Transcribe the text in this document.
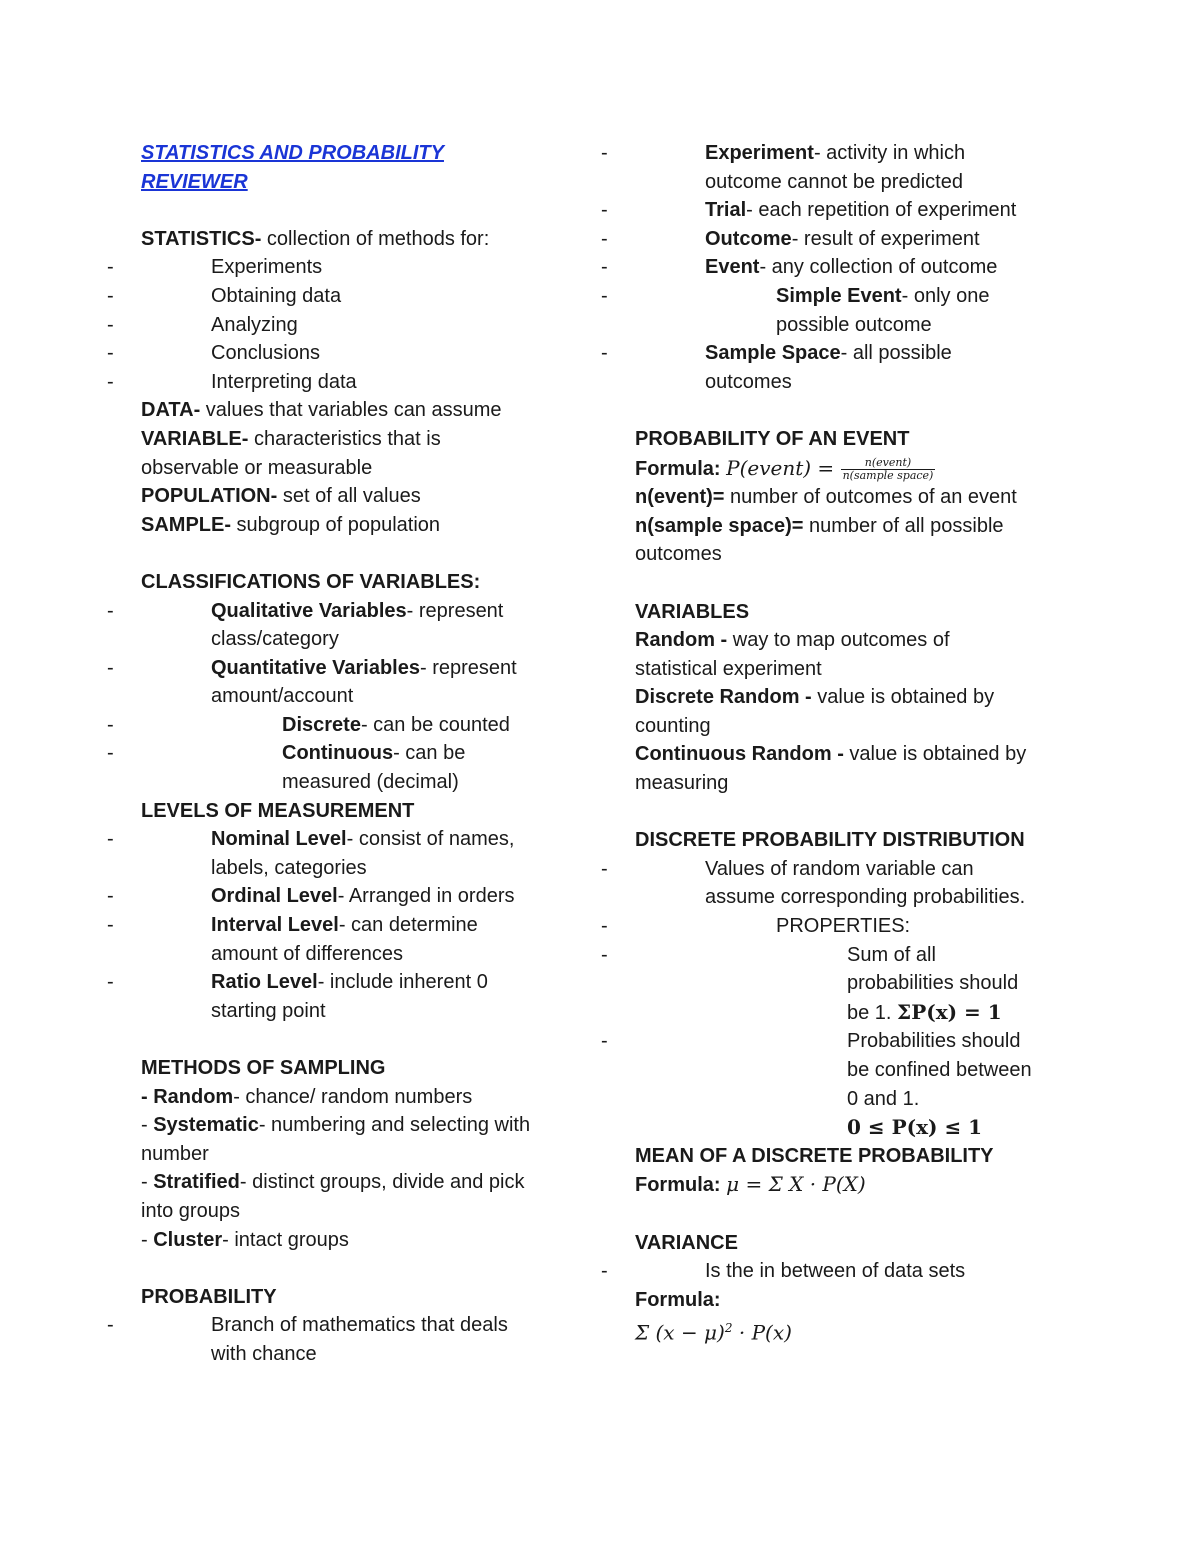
STATISTICS AND PROBABILITY
REVIEWER
STATISTICS- collection of methods for:
-	Experiments
-	Obtaining data
-	Analyzing
-	Conclusions
-	Interpreting data
DATA- values that variables can assume
VARIABLE- characteristics that is
observable or measurable
POPULATION- set of all values
SAMPLE- subgroup of population
CLASSIFICATIONS OF VARIABLES:
-	Qualitative Variables- represent
class/category
-	Quantitative Variables- represent
amount/account
-	Discrete- can be counted
-	Continuous- can be
measured (decimal)
LEVELS OF MEASUREMENT
-	Nominal Level- consist of names,
labels, categories
-	Ordinal Level- Arranged in orders
-	Interval Level- can determine
amount of differences
-	Ratio Level- include inherent 0
starting point
METHODS OF SAMPLING
- Random- chance/ random numbers
- Systematic- numbering and selecting with
number
- Stratified- distinct groups, divide and pick
into groups
- Cluster- intact groups
PROBABILITY
-	Branch of mathematics that deals
with chance
-	Experiment- activity in which
outcome cannot be predicted
-	Trial- each repetition of experiment
-	Outcome- result of experiment
-	Event- any collection of outcome
-	Simple Event- only one
possible outcome
-	Sample Space- all possible
outcomes
PROBABILITY OF AN EVENT
Formula: P(event) = $\frac{\text{n(event)}}{\text{n(sample space)}}$
n(event)= number of outcomes of an event
n(sample space)= number of all possible
outcomes
VARIABLES
Random - way to map outcomes of
statistical experiment
Discrete Random - value is obtained by
counting
Continuous Random - value is obtained by
measuring
DISCRETE PROBABILITY DISTRIBUTION
-	Values of random variable can
assume corresponding probabilities.
-	PROPERTIES:
-	Sum of all
probabilities should
be 1. ΣP(x) = 1
-	Probabilities should
be confined between
0 and 1.
0 ≤ P(x) ≤ 1
MEAN OF A DISCRETE PROBABILITY
Formula: μ = Σ X · P(X)
VARIANCE
-	Is the in between of data sets
Formula:
Σ $(x - \mu)^2 \cdot P(x)$
